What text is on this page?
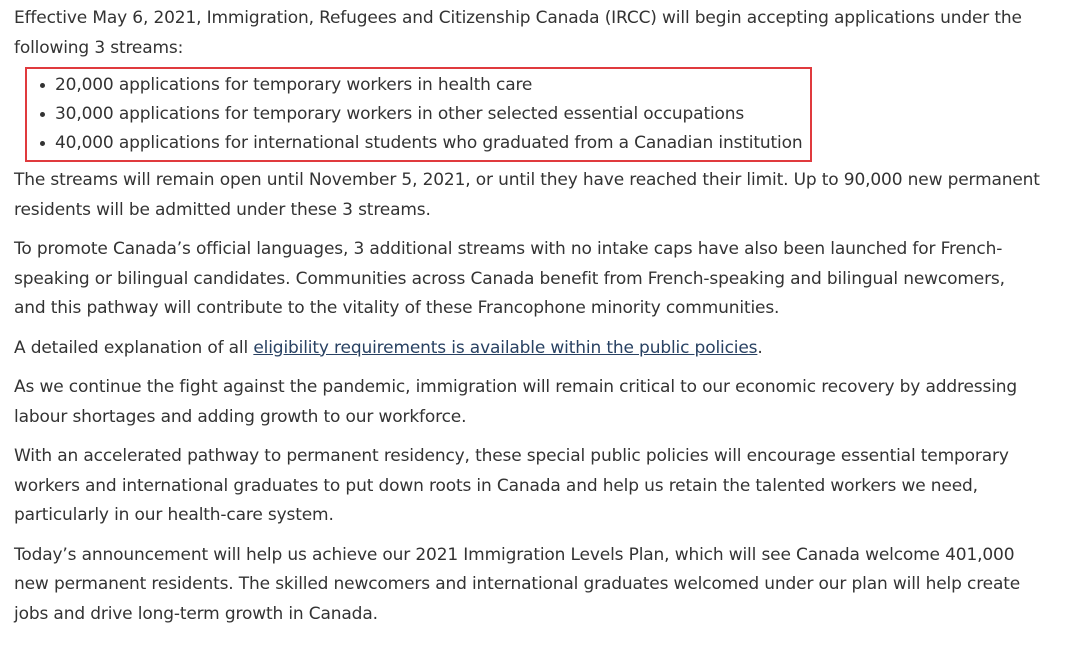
Effective May 6, 2021, Immigration, Refugees and Citizenship Canada (IRCC) will begin accepting applications under the following 3 streams:

20,000 applications for temporary workers in health care
30,000 applications for temporary workers in other selected essential occupations
40,000 applications for international students who graduated from a Canadian institution

The streams will remain open until November 5, 2021, or until they have reached their limit. Up to 90,000 new permanent residents will be admitted under these 3 streams.

To promote Canada’s official languages, 3 additional streams with no intake caps have also been launched for French-speaking or bilingual candidates. Communities across Canada benefit from French-speaking and bilingual newcomers, and this pathway will contribute to the vitality of these Francophone minority communities.

A detailed explanation of all eligibility requirements is available within the public policies.

As we continue the fight against the pandemic, immigration will remain critical to our economic recovery by addressing labour shortages and adding growth to our workforce.

With an accelerated pathway to permanent residency, these special public policies will encourage essential temporary workers and international graduates to put down roots in Canada and help us retain the talented workers we need, particularly in our health-care system.

Today’s announcement will help us achieve our 2021 Immigration Levels Plan, which will see Canada welcome 401,000 new permanent residents. The skilled newcomers and international graduates welcomed under our plan will help create jobs and drive long-term growth in Canada.
